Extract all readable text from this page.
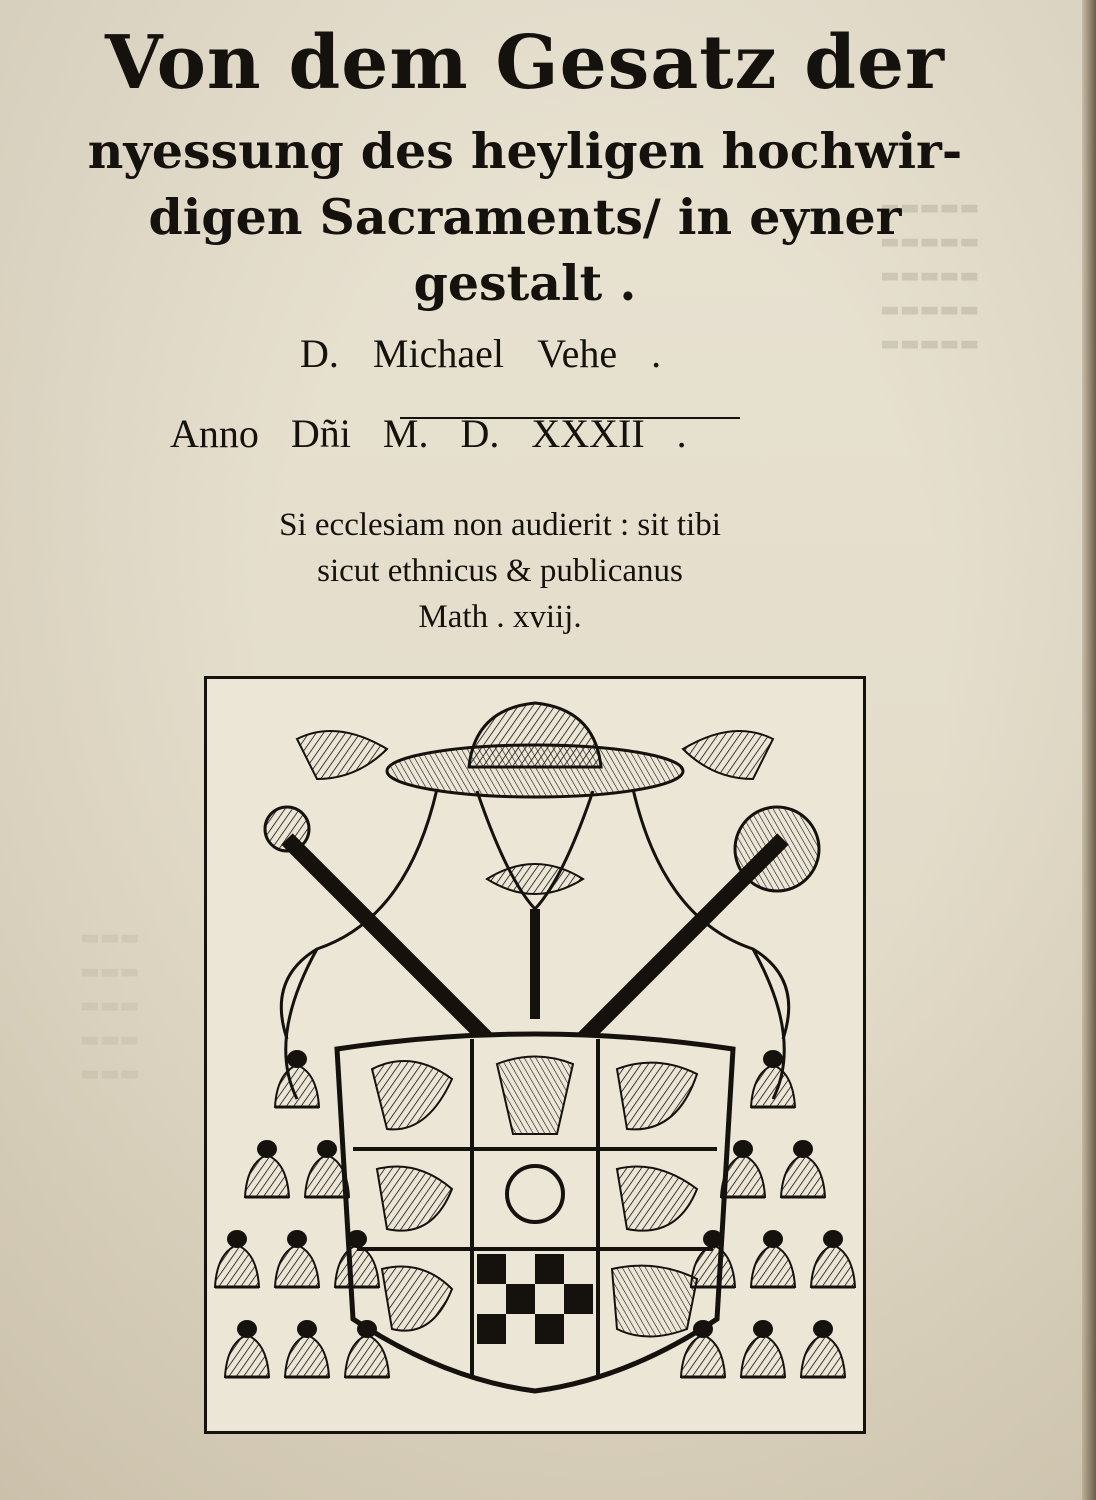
▬▬▬▬▬
▬▬▬▬▬
▬▬▬▬▬
▬▬▬▬▬
▬▬▬▬▬
▬▬▬
▬▬▬
▬▬▬
▬▬▬
▬▬▬
Von dem Gesatz der
nyessung des heyligen hochwir-
digen Sacraments/ in eyner
gestalt .
D. Michael Vehe .
Anno Dñi M. D. XXXII .
Si ecclesiam non audierit : sit tibi
sicut ethnicus & publicanus
Math . xviij.
